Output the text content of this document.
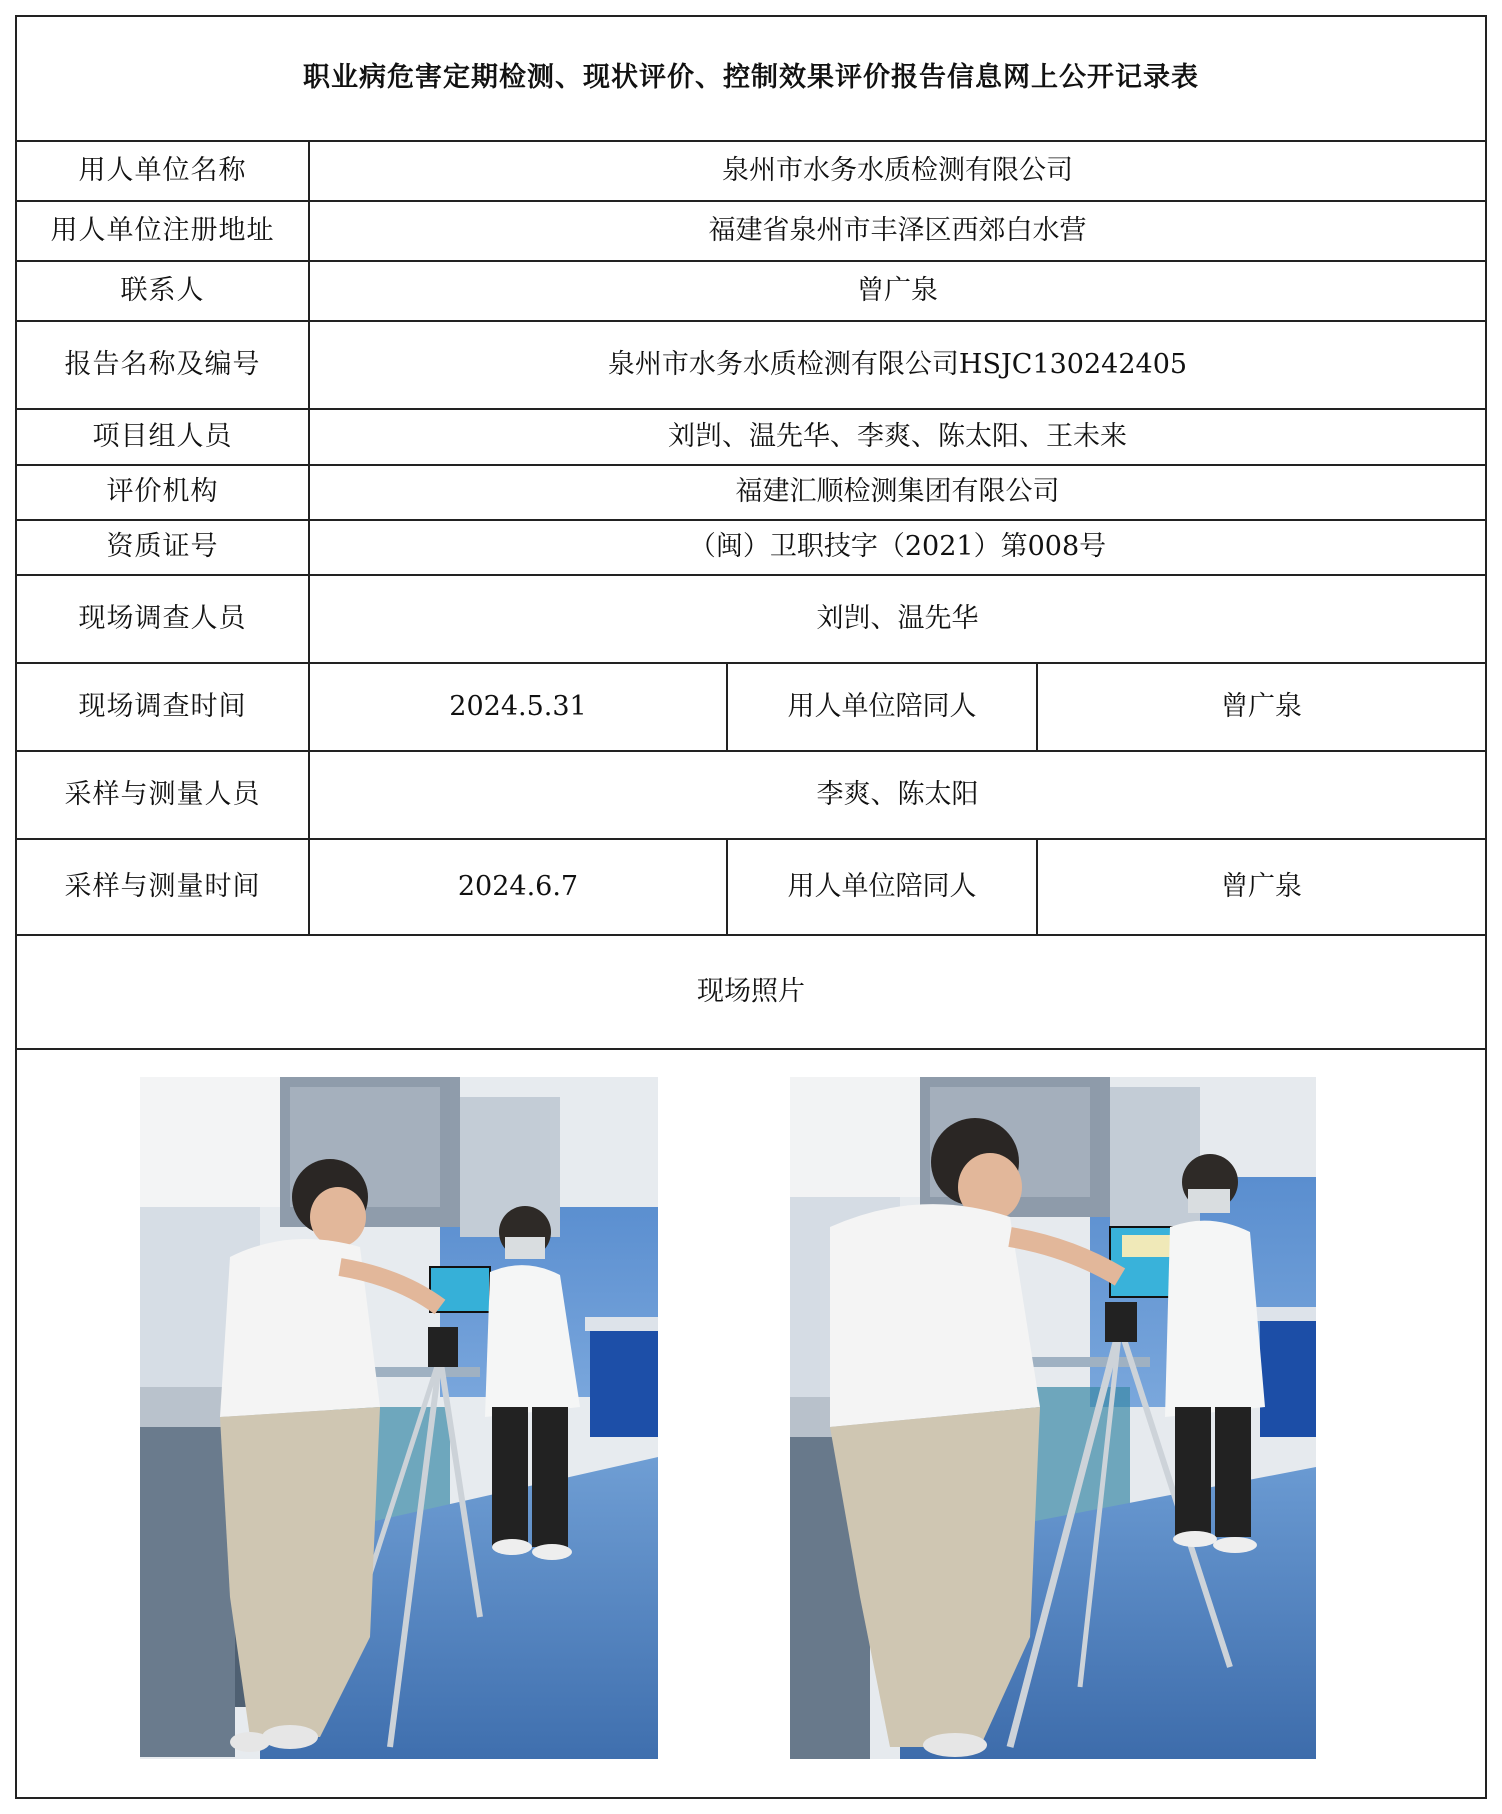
职业病危害定期检测、现状评价、控制效果评价报告信息网上公开记录表			
用人单位名称	泉州市水务水质检测有限公司		
用人单位注册地址	福建省泉州市丰泽区西郊白水营		
联系人	曾广泉		
报告名称及编号	泉州市水务水质检测有限公司HSJC130242405		
项目组人员	刘剀、温先华、李爽、陈太阳、王未来		
评价机构	福建汇顺检测集团有限公司		
资质证号	（闽）卫职技字（2021）第008号		
现场调查人员	刘剀、温先华		
现场调查时间	2024.5.31	用人单位陪同人	曾广泉
采样与测量人员	李爽、陈太阳		
采样与测量时间	2024.6.7	用人单位陪同人	曾广泉
现场照片			
